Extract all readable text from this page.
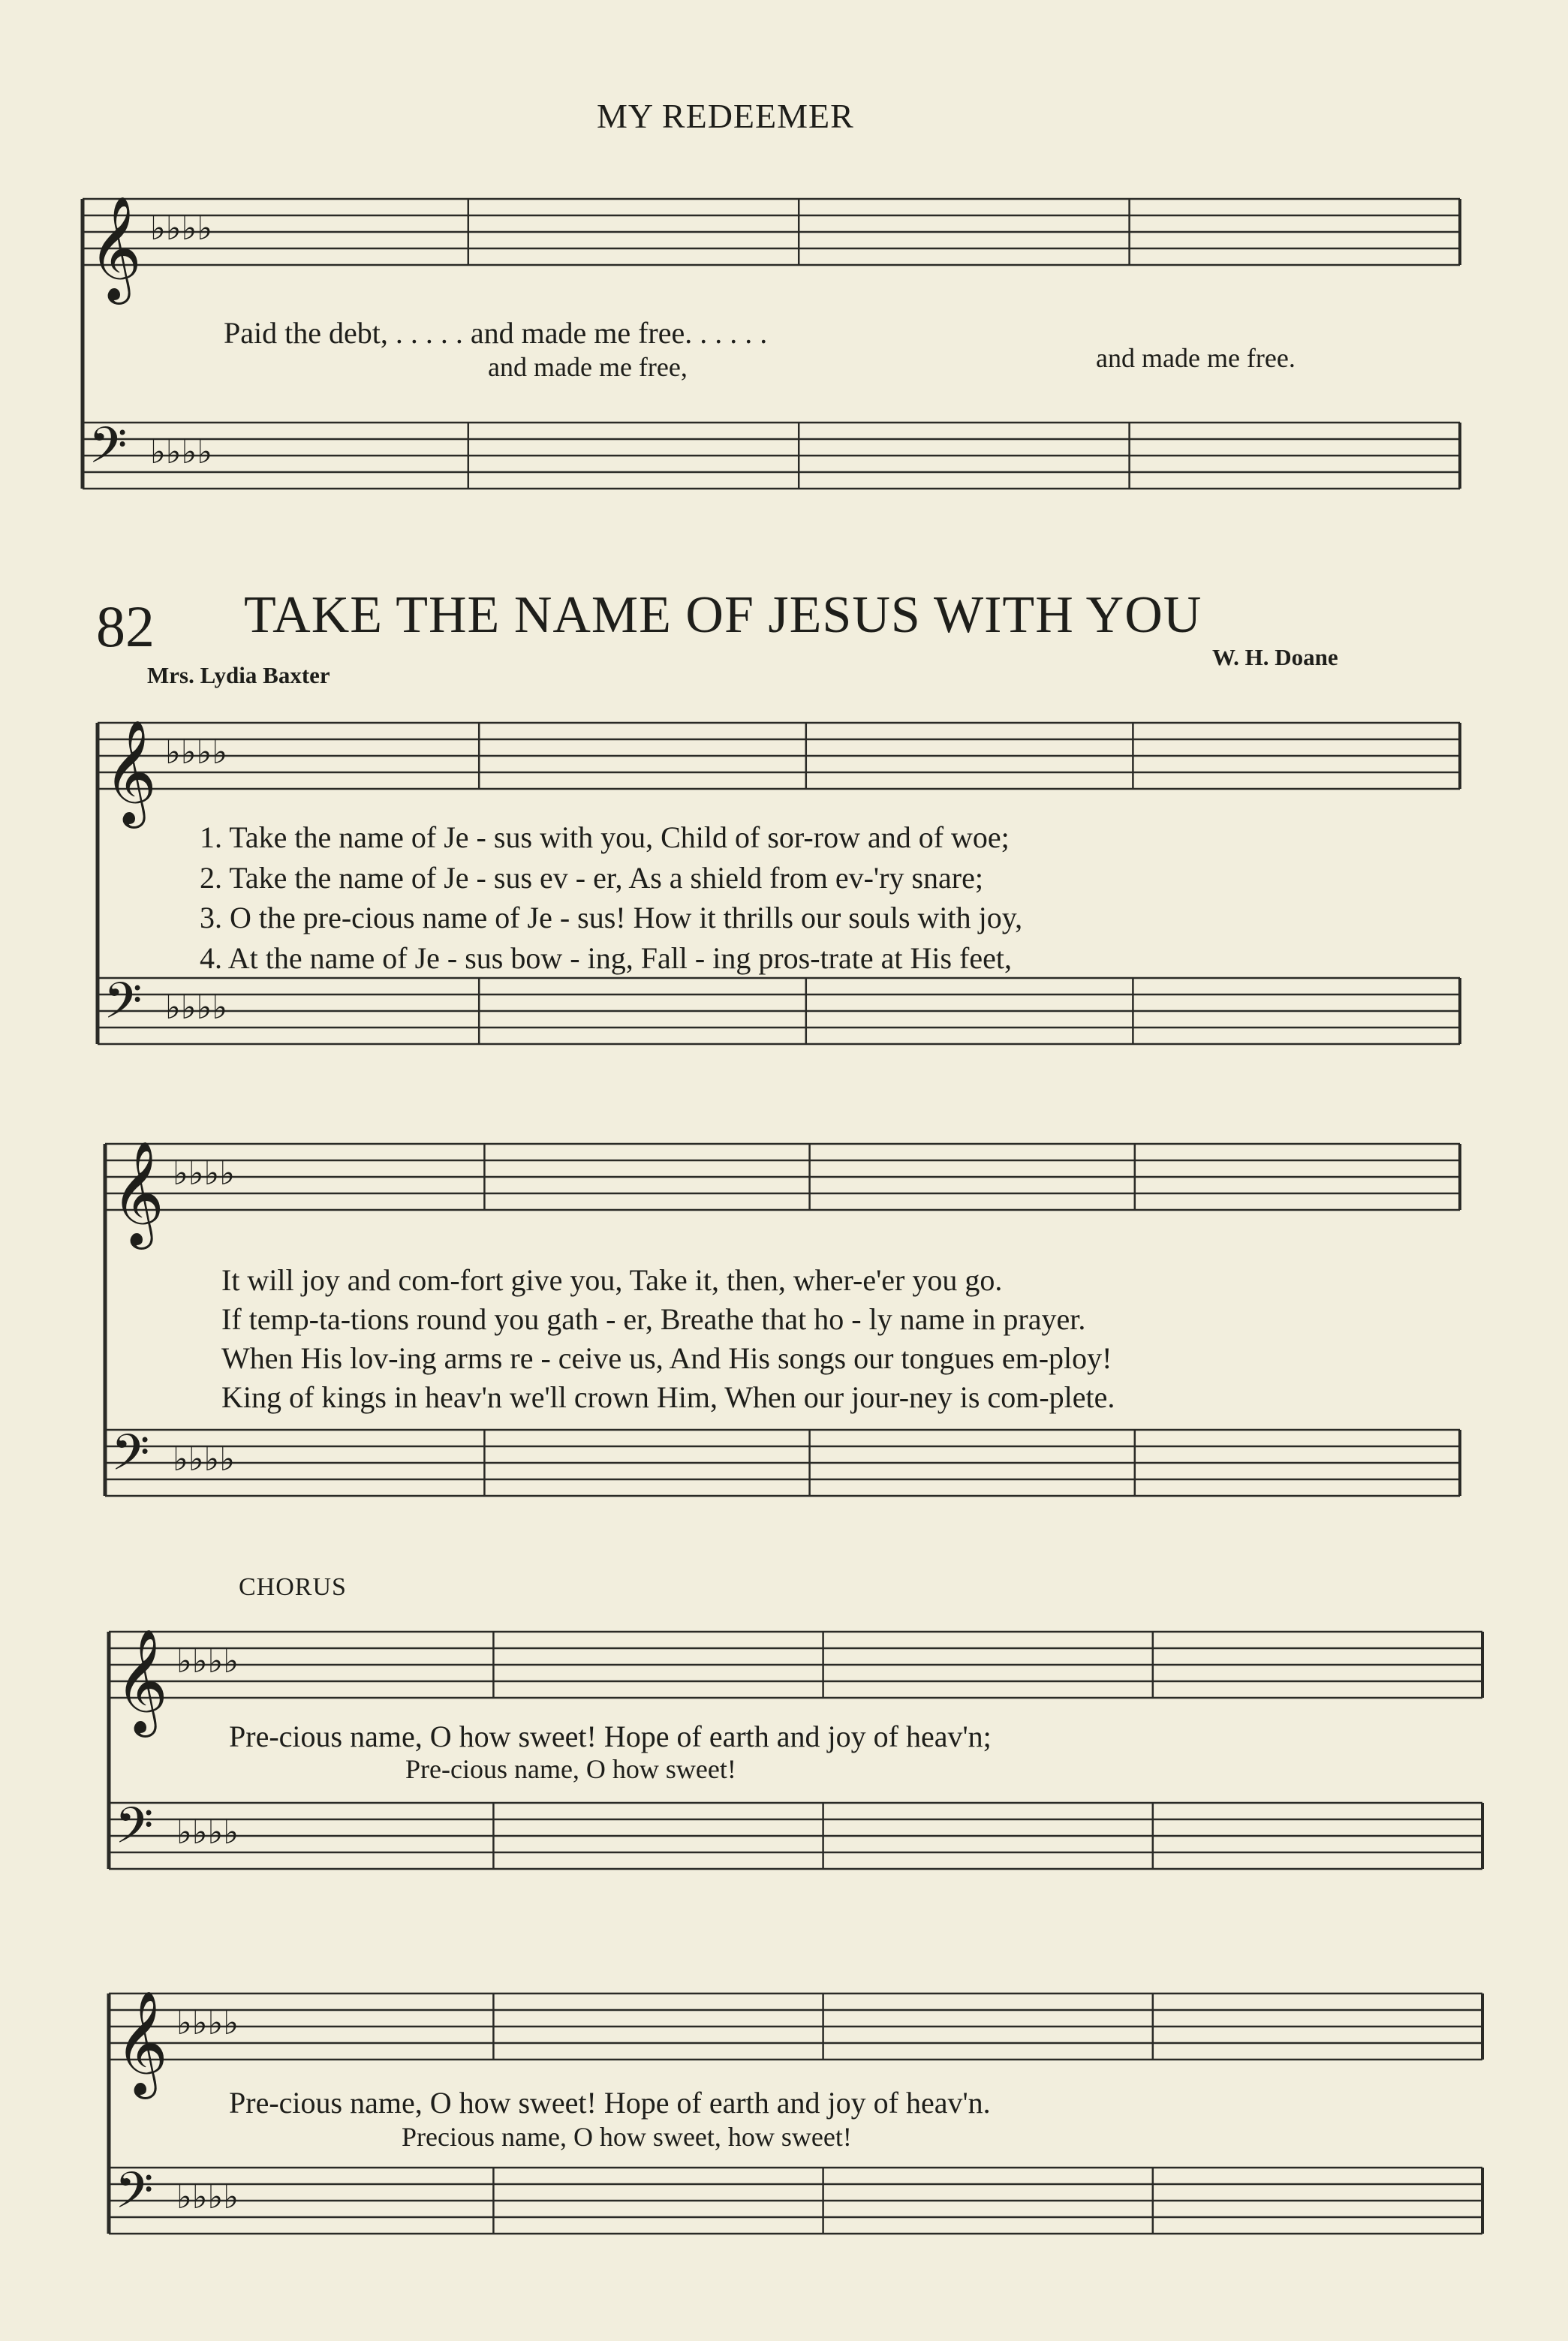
𝄞 ♭♭♭♭
𝄢 ♭♭♭♭
𝄞 ♭♭♭♭
𝄢 ♭♭♭♭
𝄞 ♭♭♭♭
𝄢 ♭♭♭♭
𝄞 ♭♭♭♭
𝄢 ♭♭♭♭
𝄞 ♭♭♭♭
𝄢 ♭♭♭♭
MY REDEEMER
Paid the debt, . . . . . and made me free. . . . . .
and made me free,	and made me free.
82 TAKE THE NAME OF JESUS WITH YOU
Mrs. Lydia Baxter
W. H. Doane
1. Take the name of Je - sus with you, Child of sor-row and of woe;
2. Take the name of Je - sus ev - er, As a shield from ev-'ry snare;
3. O the pre-cious name of Je - sus! How it thrills our souls with joy,
4. At the name of Je - sus bow - ing, Fall - ing pros-trate at His feet,
It will joy and com-fort give you, Take it, then, wher-e'er you go.
If temp-ta-tions round you gath - er, Breathe that ho - ly name in prayer.
When His lov-ing arms re - ceive us, And His songs our tongues em-ploy!
King of kings in heav'n we'll crown Him, When our jour-ney is com-plete.
CHORUS
Pre-cious name, O how sweet! Hope of earth and joy of heav'n;
Pre-cious name, O how sweet!
Pre-cious name, O how sweet! Hope of earth and joy of heav'n.
Precious name, O how sweet, how sweet!
